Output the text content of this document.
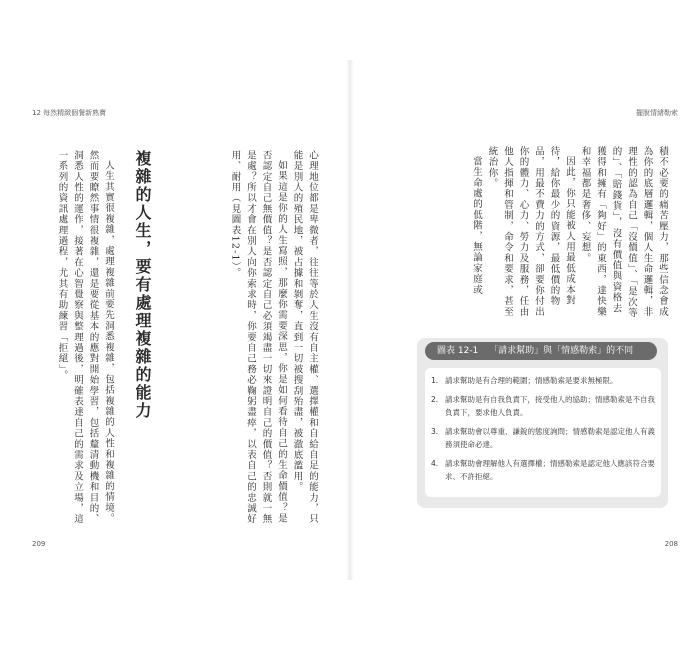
12 每然精緻個餐新熟寶

心理地位都是卑微者，往往等於人生沒有自主權、選擇權和自給自足的能力，只能是別人的殖民地，被占據和剝奪，直到一切被搜刮殆盡，被澈底濫用。

如果這是你的人生寫照，那麼你需要深思，你是如何看待自己的生命價值？是否認定自己無價值？是否認定自己必須竭盡一切來證明自己的價值？否則就一無是處？所以才會在別人向你索求時，你要自己務必鞠躬盡瘁，以表自己的忠誠好用、耐用（見圖表12-1）。

複雜的人生，要有處理複雜的能力

人生其實很複雜，處理複雜前要先洞悉複雜，包括複雜的人性和複雜的情境。然而要瞭然事情很複雜，還是要從基本的應對開始學習，包括釐清動機和目的、洞悉人性的運作，接著在心智覺察與整理過後，明確表達自己的需求及立場，這一系列的資訊處理過程，尤其有助練習「拒絕」。

209
擺脫情緒勒索

積不必要的痛苦壓力，那些信念會成為你的底層邏輯，個人生命邏輯，非理性的認為自己「沒價值」、「是次等的」、「賠錢貨」，沒有價值與資格去獲得和擁有「夠好」的東西，達快樂和幸福都是奢侈、妄想。

因此，你只能被人用最低成本對待，給你最少的資源，最低價的物品，用最不費力的方式，卻要你付出你的體力、心力、勞力及服務，任由他人指揮和管制，命令和要求，甚至統治你。

當生命處的低階，無論家庭或

208
圖表 12-1 「請求幫助」與「情感勒索」的不同
1. 請求幫助是有合理的範圍；情感勒索是要求無極限。
2. 請求幫助是有自我負責下，接受他人的協助；情感勒索是不自我負責下，要求他人負責。
3. 請求幫助會以尊重、謙銳的態度詢問；情感勒索是認定他人有義務須使命必達。
4. 請求幫助會理解他人有選擇權；情感勒索是認定他人應該符合要求、不許拒絕。
